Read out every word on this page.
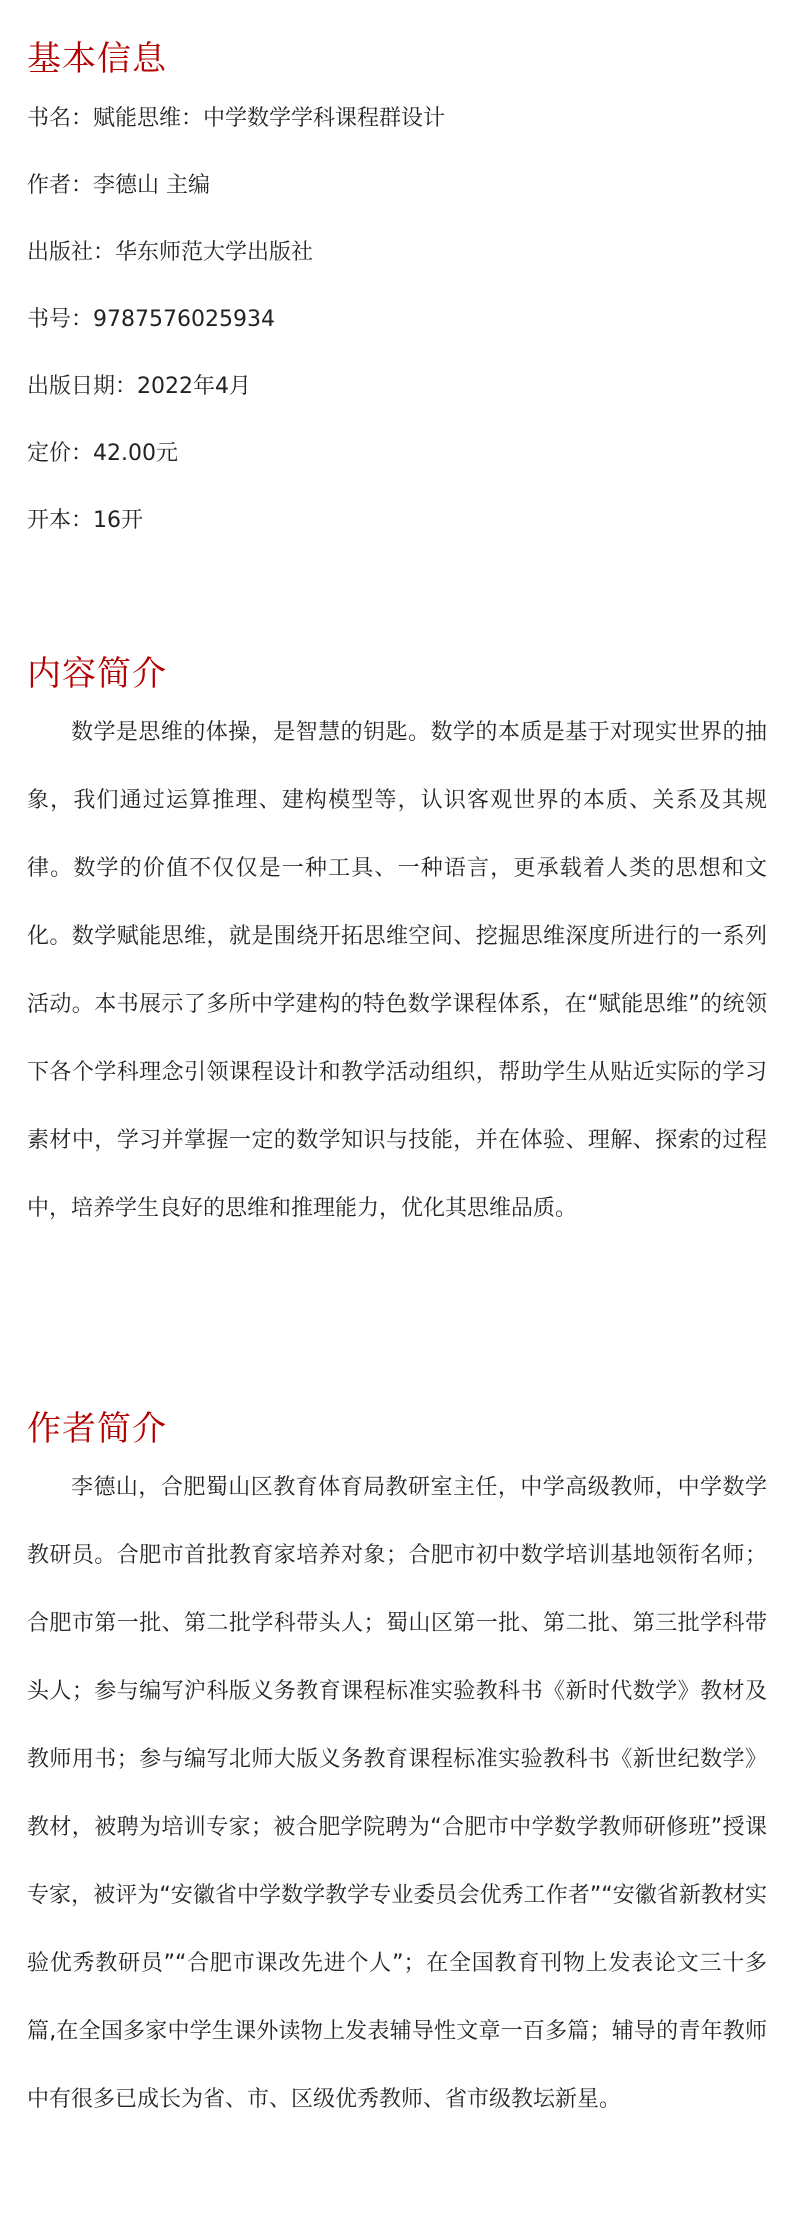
基本信息
书名：赋能思维：中学数学学科课程群设计
作者：李德山 主编
出版社：华东师范大学出版社
书号：9787576025934
出版日期：2022年4月
定价：42.00元
开本：16开
内容简介

数学是思维的体操，是智慧的钥匙。数学的本质是基于对现实世界的抽象，我们通过运算推理、建构模型等，认识客观世界的本质、关系及其规律。数学的价值不仅仅是一种工具、一种语言，更承载着人类的思想和文化。数学赋能思维，就是围绕开拓思维空间、挖掘思维深度所进行的一系列活动。本书展示了多所中学建构的特色数学课程体系，在“赋能思维”的统领下各个学科理念引领课程设计和教学活动组织，帮助学生从贴近实际的学习素材中，学习并掌握一定的数学知识与技能，并在体验、理解、探索的过程中，培养学生良好的思维和推理能力，优化其思维品质。

作者简介

李德山，合肥蜀山区教育体育局教研室主任，中学高级教师，中学数学教研员。合肥市首批教育家培养对象；合肥市初中数学培训基地领衔名师；合肥市第一批、第二批学科带头人；蜀山区第一批、第二批、第三批学科带头人；参与编写沪科版义务教育课程标准实验教科书《新时代数学》教材及教师用书；参与编写北师大版义务教育课程标准实验教科书《新世纪数学》教材，被聘为培训专家；被合肥学院聘为“合肥市中学数学教师研修班”授课专家，被评为“安徽省中学数学教学专业委员会优秀工作者”“安徽省新教材实验优秀教研员”“合肥市课改先进个人”；在全国教育刊物上发表论文三十多篇,在全国多家中学生课外读物上发表辅导性文章一百多篇；辅导的青年教师中有很多已成长为省、市、区级优秀教师、省市级教坛新星。
